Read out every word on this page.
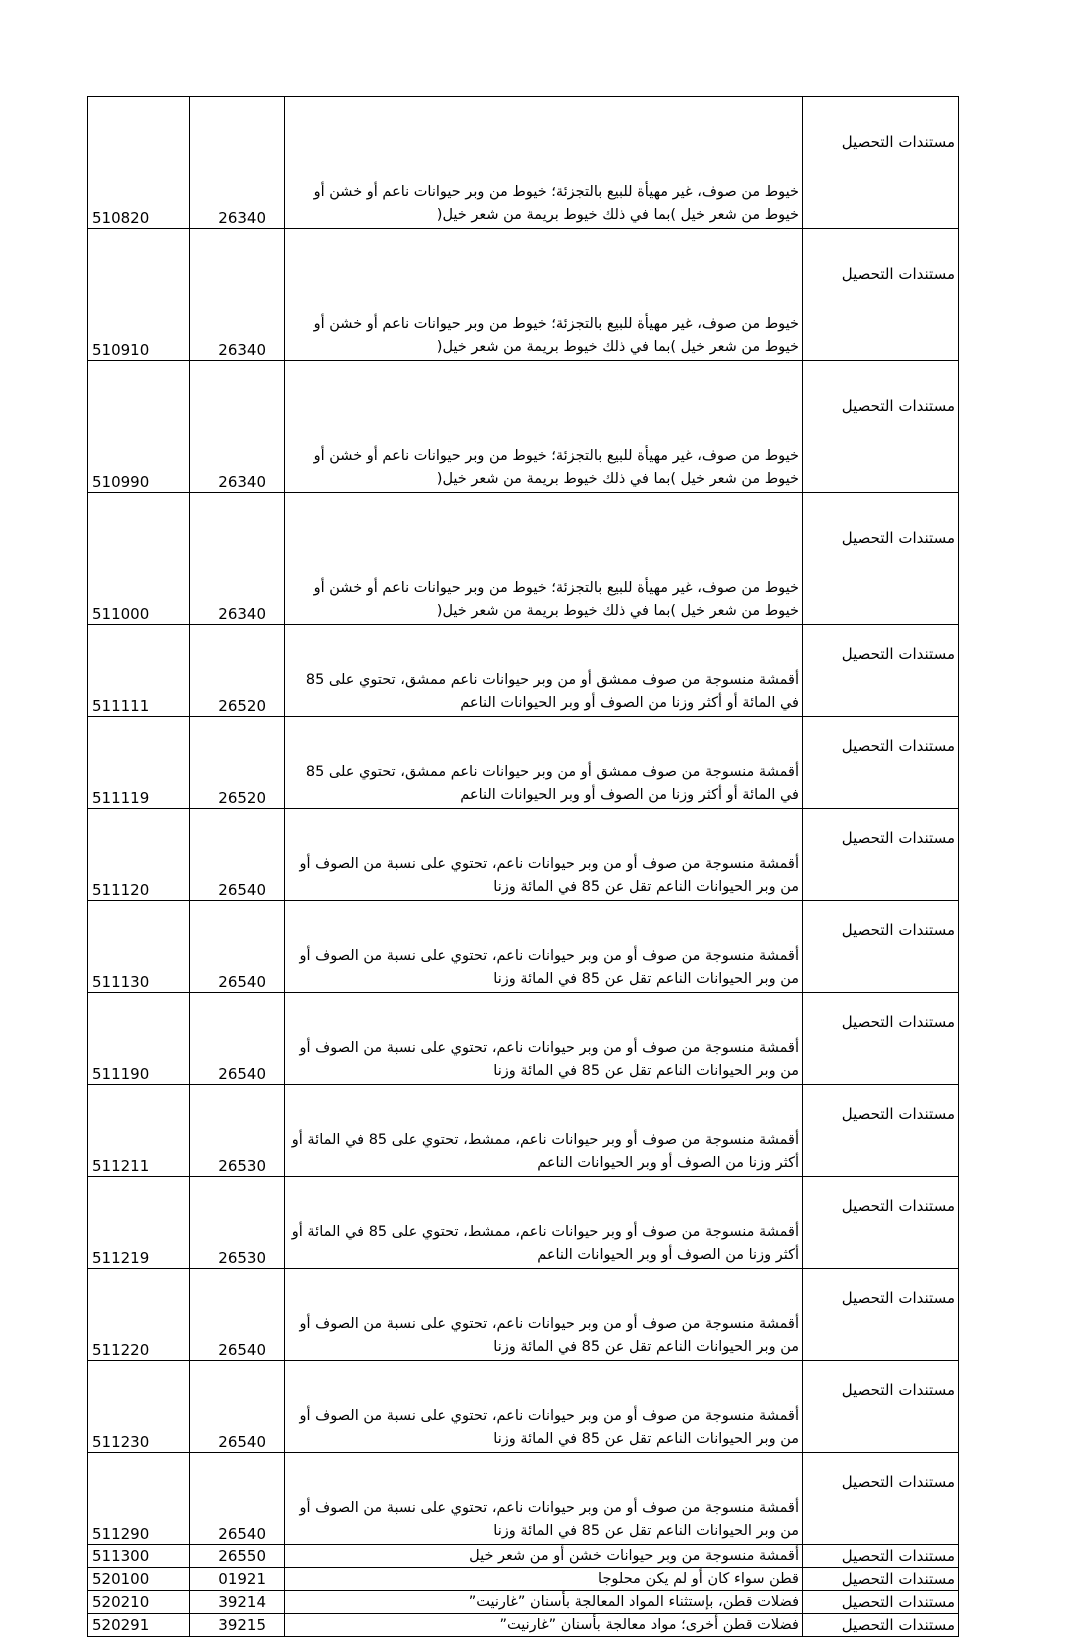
510820	26340	خيوط من صوف، غير مهيأة للبيع بالتجزئة؛ خيوط من وبر حيوانات ناعم أو خشن أو خيوط من شعر خيل )بما في ذلك خيوط بريمة من شعر خيل(	مستندات التحصيل
510910	26340	خيوط من صوف، غير مهيأة للبيع بالتجزئة؛ خيوط من وبر حيوانات ناعم أو خشن أو خيوط من شعر خيل )بما في ذلك خيوط بريمة من شعر خيل(	مستندات التحصيل
510990	26340	خيوط من صوف، غير مهيأة للبيع بالتجزئة؛ خيوط من وبر حيوانات ناعم أو خشن أو خيوط من شعر خيل )بما في ذلك خيوط بريمة من شعر خيل(	مستندات التحصيل
511000	26340	خيوط من صوف، غير مهيأة للبيع بالتجزئة؛ خيوط من وبر حيوانات ناعم أو خشن أو خيوط من شعر خيل )بما في ذلك خيوط بريمة من شعر خيل(	مستندات التحصيل
511111	26520	أقمشة منسوجة من صوف ممشق أو من وبر حيوانات ناعم ممشق، تحتوي على 85 في المائة أو أكثر وزنا من الصوف أو وبر الحيوانات الناعم	مستندات التحصيل
511119	26520	أقمشة منسوجة من صوف ممشق أو من وبر حيوانات ناعم ممشق، تحتوي على 85 في المائة أو أكثر وزنا من الصوف أو وبر الحيوانات الناعم	مستندات التحصيل
511120	26540	أقمشة منسوجة من صوف أو من وبر حيوانات ناعم، تحتوي على نسبة من الصوف أو من وبر الحيوانات الناعم تقل عن 85 في المائة وزنا	مستندات التحصيل
511130	26540	أقمشة منسوجة من صوف أو من وبر حيوانات ناعم، تحتوي على نسبة من الصوف أو من وبر الحيوانات الناعم تقل عن 85 في المائة وزنا	مستندات التحصيل
511190	26540	أقمشة منسوجة من صوف أو من وبر حيوانات ناعم، تحتوي على نسبة من الصوف أو من وبر الحيوانات الناعم تقل عن 85 في المائة وزنا	مستندات التحصيل
511211	26530	أقمشة منسوجة من صوف أو وبر حيوانات ناعم، ممشط، تحتوي على 85 في المائة أو أكثر وزنا من الصوف أو وبر الحيوانات الناعم	مستندات التحصيل
511219	26530	أقمشة منسوجة من صوف أو وبر حيوانات ناعم، ممشط، تحتوي على 85 في المائة أو أكثر وزنا من الصوف أو وبر الحيوانات الناعم	مستندات التحصيل
511220	26540	أقمشة منسوجة من صوف أو من وبر حيوانات ناعم، تحتوي على نسبة من الصوف أو من وبر الحيوانات الناعم تقل عن 85 في المائة وزنا	مستندات التحصيل
511230	26540	أقمشة منسوجة من صوف أو من وبر حيوانات ناعم، تحتوي على نسبة من الصوف أو من وبر الحيوانات الناعم تقل عن 85 في المائة وزنا	مستندات التحصيل
511290	26540	أقمشة منسوجة من صوف أو من وبر حيوانات ناعم، تحتوي على نسبة من الصوف أو من وبر الحيوانات الناعم تقل عن 85 في المائة وزنا	مستندات التحصيل
511300	26550	أقمشة منسوجة من وبر حيوانات خشن أو من شعر خيل	مستندات التحصيل
520100	01921	قطن سواء كان أو لم يكن محلوجا	مستندات التحصيل
520210	39214	فضلات قطن، بإستثناء المواد المعالجة بأسنان ”غارنيت”	مستندات التحصيل
520291	39215	فضلات قطن أخرى؛ مواد معالجة بأسنان ”غارنيت”	مستندات التحصيل
